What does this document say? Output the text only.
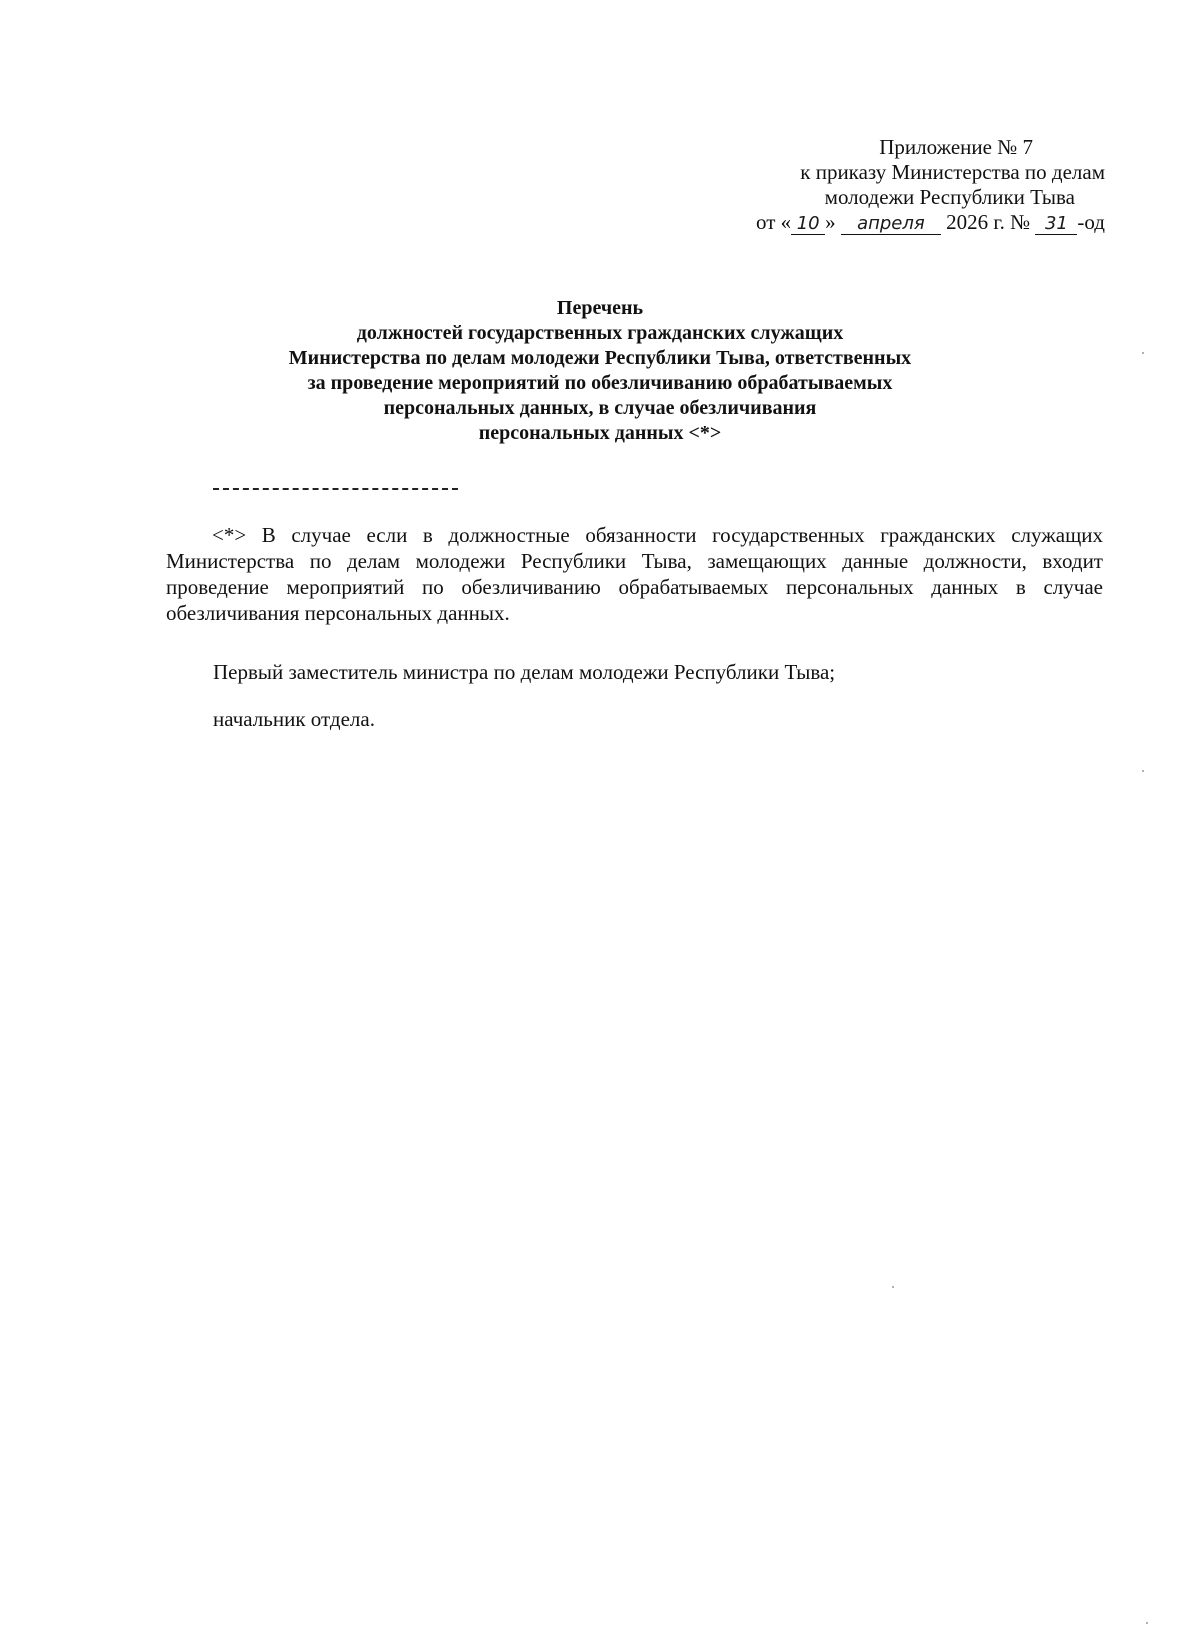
Приложение № 7
к приказу Министерства по делам
молодежи Республики Тыва
от « 10 » апреля 2026 г. № 31 -од
Перечень
должностей государственных гражданских служащих
Министерства по делам молодежи Республики Тыва, ответственных
за проведение мероприятий по обезличиванию обрабатываемых
персональных данных, в случае обезличивания
персональных данных <*>

<*> В случае если в должностные обязанности государственных гражданских служащих Министерства по делам молодежи Республики Тыва, замещающих данные должности, входит проведение мероприятий по обезличиванию обрабатываемых персональных данных в случае обезличивания персональных данных.

Первый заместитель министра по делам молодежи Республики Тыва;

начальник отдела.
